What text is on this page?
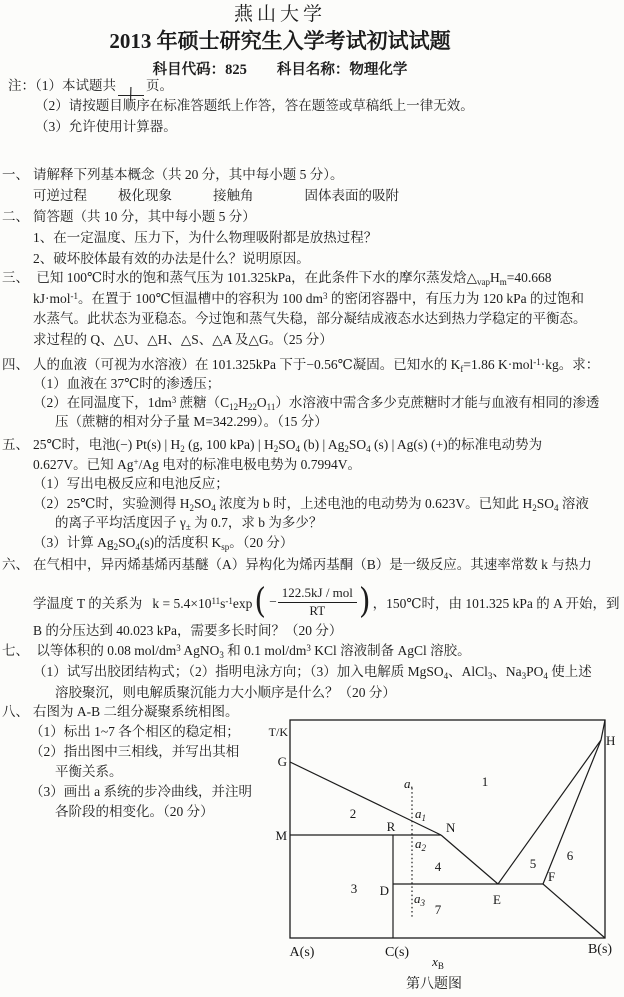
燕山大学
2013 年硕士研究生入学考试初试试题
科目代码：825 科目名称：物理化学
注：（1）本试题共 | 页。
（2）请按题目顺序在标准答题纸上作答，答在题签或草稿纸上一律无效。
（3）允许使用计算器。
一、 请解释下列基本概念（共 20 分，其中每小题 5 分）。
可逆过程 极化现象	接触角	固体表面的吸附
二、 简答题（共 10 分，其中每小题 5 分）
1、在一定温度、压力下，为什么物理吸附都是放热过程？
2、破坏胶体最有效的办法是什么？说明原因。
三、 已知 100℃时水的饱和蒸气压为 101.325kPa，在此条件下水的摩尔蒸发焓$\triangle_{vap}H_m=40.668$
kJ·mol$^{-1}$。在置于 100℃恒温槽中的容积为 100 $dm^3$ 的密闭容器中，有压力为 120 kPa 的过饱和
水蒸气。此状态为亚稳态。今过饱和蒸气失稳，部分凝结成液态水达到热力学稳定的平衡态。
求过程的 Q、△U、△H、△S、△A 及△G。（25 分）
四、 人的血液（可视为水溶液）在 101.325kPa 下于−0.56℃凝固。已知水的 $K_f=1.86$ K·mol$^{-1}$·kg。求：
（1）血液在 37℃时的渗透压；
（2）在同温度下，$1dm^3$ 蔗糖$(C_{12}H_{22}O_{11})$水溶液中需含多少克蔗糖时才能与血液有相同的渗透
压（蔗糖的相对分子量 M=342.299）。（15 分）
五、 25℃时，电池(−) Pt(s) | $H_2$ (g, 100 kPa) | $H_2SO_4$ (b) | $Ag_2SO_4$ (s) | Ag(s) (+)的标准电动势为
0.627V。已知 Ag+/Ag 电对的标准电极电势为 0.7994V。
（1）写出电极反应和电池反应；
（2）25℃时，实验测得 $H_2SO_4$ 浓度为 b 时，上述电池的电动势为 0.623V。已知此 $H_2SO_4$ 溶液
的离子平均活度因子 $\gamma_\pm$ 为 0.7，求 b 为多少？
（3）计算 $Ag_2SO_4(s)$的活度积 $K_{sp}$。（20 分）
六、 在气相中，异丙烯基烯丙基醚（A）异构化为烯丙基酮（B）是一级反应。其速率常数 k 与热力
学温度 T 的关系为  $k = 5.4\times 10^{11}s^{-1}\exp$ ( − $\frac{\text{122.5kJ / mol}}{RT}$ ) ，150℃时，由 101.325 kPa 的 A 开始，到
B 的分压达到 40.023 kPa，需要多长时间？（20 分）
七、 以等体积的 0.08 mol/$dm^3$ AgNO$_3$ 和 0.1 mol/$dm^3$ KCl 溶液制备 AgCl 溶胶。
（1）试写出胶团结构式；（2）指明电泳方向；（3）加入电解质 MgSO$_4$、AlCl$_3$、$Na_3PO_4$ 使上述
溶胶聚沉，则电解质聚沉能力大小顺序是什么？（20 分）
八、 右图为 A-B 二组分凝聚系统相图。
（1）标出 1~7 各个相区的稳定相；
（2）指出图中三相线，并写出其相
平衡关系。
（3）画出 a 系统的步冷曲线，并注明
各阶段的相变化。（20 分）
T/K
G
M
H
R	N
D
E
F
a.
$a_1$
$a_2$
$a_3$
1
2
3
4	5
6
7
A(s)	C(s)	B(s)
$x_B$
第八题图
